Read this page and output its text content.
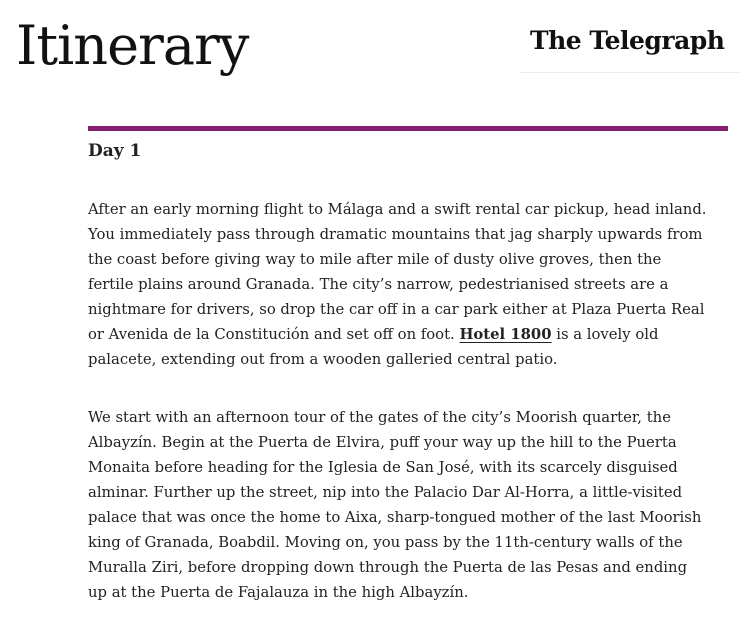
Itinerary	The Telegraph
Day 1
After an early morning flight to Málaga and a swift rental car pickup, head inland.
You immediately pass through dramatic mountains that jag sharply upwards from
the coast before giving way to mile after mile of dusty olive groves, then the
fertile plains around Granada. The city’s narrow, pedestrianised streets are a
nightmare for drivers, so drop the car off in a car park either at Plaza Puerta Real
or Avenida de la Constitución and set off on foot. Hotel 1800 is a lovely old
palacete, extending out from a wooden galleried central patio.
We start with an afternoon tour of the gates of the city’s Moorish quarter, the
Albayzín. Begin at the Puerta de Elvira, puff your way up the hill to the Puerta
Monaita before heading for the Iglesia de San José, with its scarcely disguised
alminar. Further up the street, nip into the Palacio Dar Al-Horra, a little-visited
palace that was once the home to Aixa, sharp-tongued mother of the last Moorish
king of Granada, Boabdil. Moving on, you pass by the 11th-century walls of the
Muralla Ziri, before dropping down through the Puerta de las Pesas and ending
up at the Puerta de Fajalauza in the high Albayzín.
